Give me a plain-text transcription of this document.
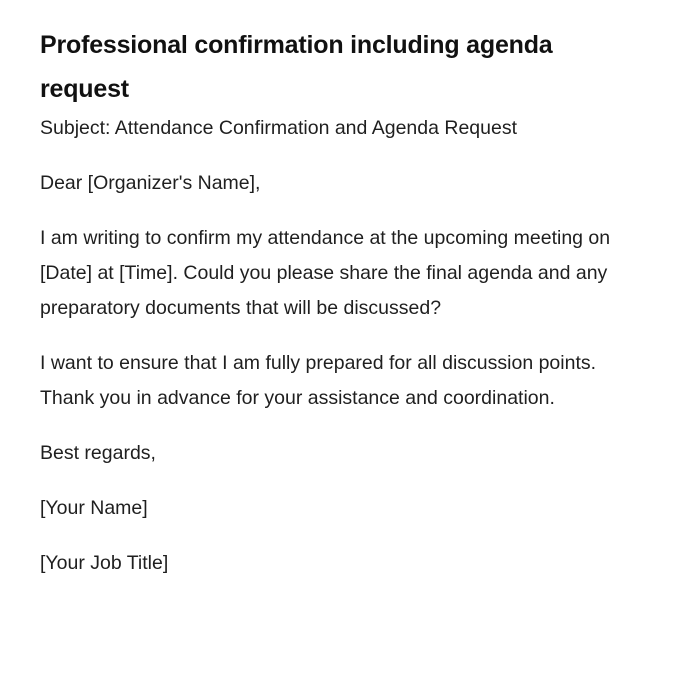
Professional confirmation including agenda request

Subject: Attendance Confirmation and Agenda Request

Dear [Organizer's Name],

I am writing to confirm my attendance at the upcoming meeting on [Date] at [Time]. Could you please share the final agenda and any preparatory documents that will be discussed?

I want to ensure that I am fully prepared for all discussion points. Thank you in advance for your assistance and coordination.

Best regards,

[Your Name]

[Your Job Title]
